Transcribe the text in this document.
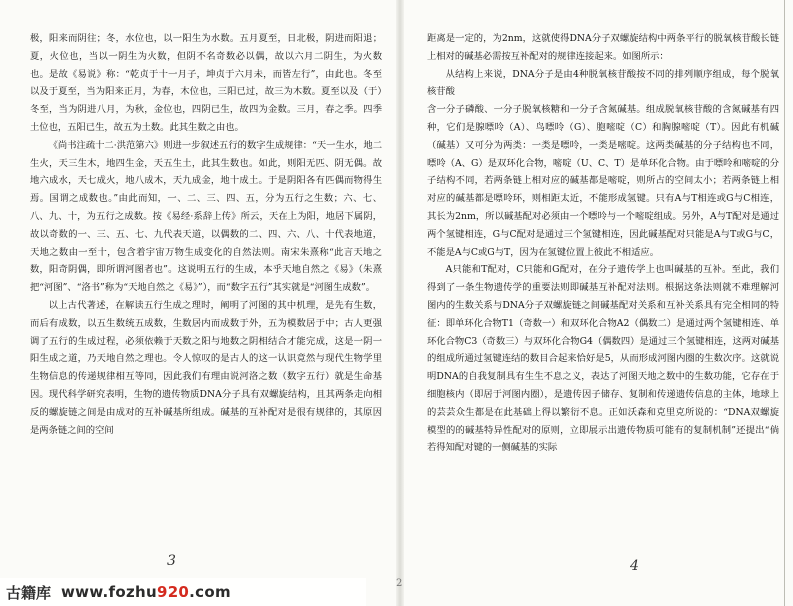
极，阳来而阴往；冬，水位也，以一阳生为水数。五月夏至，日北极，阴进而阳退；夏，火位也，当以一阴生为火数，但阴不名奇数必以偶，故以六月二阴生，为火数也。是故《易说》称：“乾贞于十一月子，坤贞于六月未，而皆左行”，由此也。冬至以及于夏至，当为阳来正月，为春，木位也，三阳已过，故三为木数。夏至以及（于）冬至，当为阴进八月，为秋，金位也，四阴已生，故四为金数。三月，春之季。四季土位也，五阳已生，故五为土数。此其生数之由也。

《尚书注疏十二·洪范第六》则进一步叙述五行的数字生成规律：“天一生水，地二生火，天三生木，地四生金，天五生土，此其生数也。如此，则阳无匹、阴无偶。故地六成水，天七成火，地八成木，天九成金，地十成土。于是阴阳各有匹偶而物得生焉。国谓之成数也。”由此而知，一、二、三、四、五，分为五行之生数；六、七、八、九、十，为五行之成数。按《易经·系辞上传》所云，天在上为阳，地居下属阴，故以奇数的一、三、五、七、九代表天道，以偶数的二、四、六、八、十代表地道，天地之数由一至十，包含着宇宙万物生成变化的自然法则。南宋朱熹称“此言天地之数，阳奇阴偶，即所谓河图者也”。这说明五行的生成，本乎天地自然之《易》（朱熹把“河图”、“洛书”称为“天地自然之《易》”），而“数字五行”其实就是“河图生成数”。

以上古代著述，在解读五行生成之理时，阐明了河图的其中机理，是先有生数，而后有成数，以五生数统五成数，生数居内而成数于外，五为模数居于中；古人更强调了五行的生成过程，必须依赖于天数之阳与地数之阴相结合才能完成，这是一阴一阳生成之道，乃天地自然之理也。令人惊叹的是古人的这一认识竟然与现代生物学里生物信息的传递规律相互等同，因此我们有理由说河洛之数（数字五行）就是生命基因。现代科学研究表明，生物的遗传物质DNA分子具有双螺旋结构，且其两条走向相反的螺旋链之间是由成对的互补碱基所组成。碱基的互补配对是很有规律的，其原因是两条链之间的空间

距离是一定的，为2nm，这就使得DNA分子双螺旋结构中两条平行的脱氧核苷酸长链上相对的碱基必需按互补配对的规律连接起来。如图所示：

从结构上来说，DNA分子是由4种脱氧核苷酸按不同的排列顺序组成，每个脱氧核苷酸

含一分子磷酸、一分子脱氧核糖和一分子含氮碱基。组成脱氧核苷酸的含氮碱基有四种，它们是腺嘌呤（A）、鸟嘌呤（G）、胞嘧啶（C）和胸腺嘧啶（T）。因此有机碱（碱基）又可分为两类：一类是嘌呤，一类是嘧啶。这两类碱基的分子结构也不同，嘌呤（A、G）是双环化合物，嘧啶（U、C、T）是单环化合物。由于嘌呤和嘧啶的分子结构不同，若两条链上相对应的碱基都是嘧啶，则所占的空间太小；若两条链上相对应的碱基都是嘌呤环，则相距太近，不能形成氢键。只有A与T相连或G与C相连，其长为2nm，所以碱基配对必须由一个嘌呤与一个嘧啶组成。另外，A与T配对是通过两个氢键相连，G与C配对是通过三个氢键相连，因此碱基配对只能是A与T或G与C，不能是A与C或G与T，因为在氢键位置上彼此不相适应。

A只能和T配对，C只能和G配对，在分子遗传学上也叫碱基的互补。至此，我们得到了一条生物遗传学的重要法则即碱基互补配对法则。根据这条法则就不难理解河图内的生数关系与DNA分子双螺旋链之间碱基配对关系和互补关系具有完全相同的特征：即单环化合物T1（奇数一）和双环化合物A2（偶数二）是通过两个氢键相连、单环化合物C3（奇数三）与双环化合物G4（偶数四）是通过三个氢键相连，这两对碱基的组成所通过氢键连结的数目合起来恰好是5，从而形成河图内圈的生数次序。这就说明DNA的自我复制具有生生不息之义，表达了河图天地之数中的生数功能，它存在于细胞核内（即居于河图内圈），是遗传因子储存、复制和传递遗传信息的主体，地球上的芸芸众生都是在此基础上得以繁衍不息。正如沃森和克里克所说的：“DNA双螺旋模型的的碱基特异性配对的原则，立即展示出遗传物质可能有的复制机制”还提出“倘若得知配对键的一侧碱基的实际

3
2
4
古籍库 www.fozhu920.com
